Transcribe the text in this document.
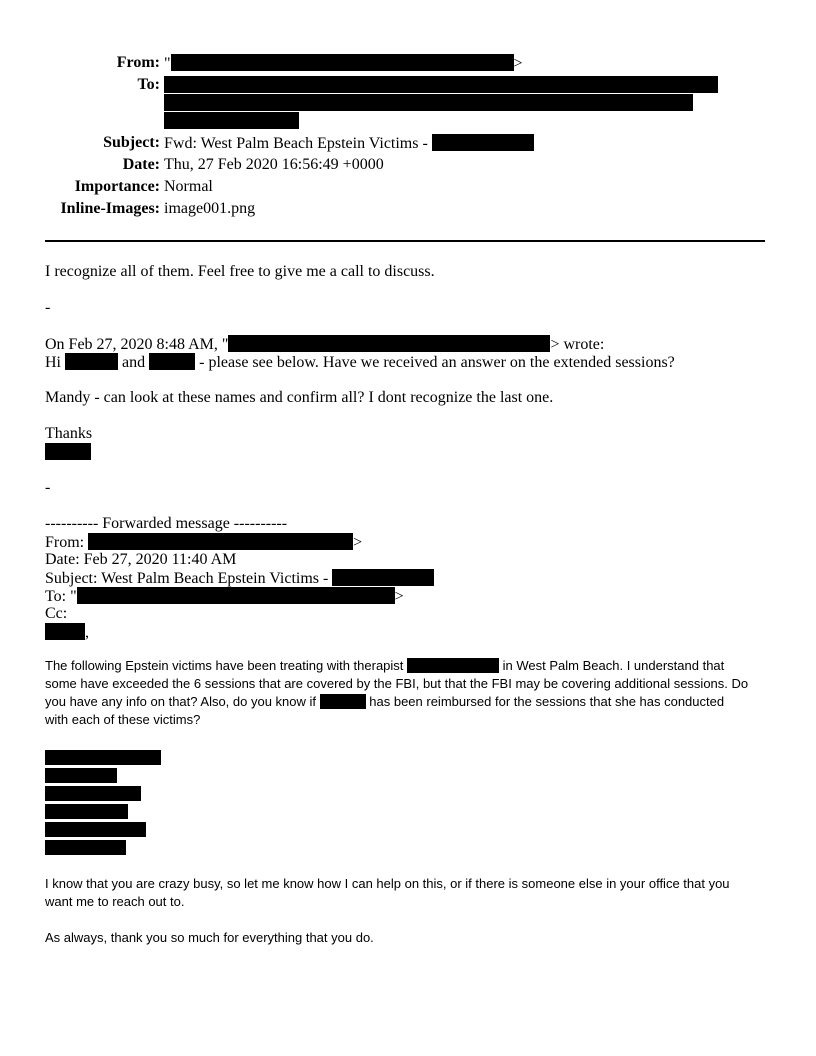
From: "	>
To:
Subject: Fwd: West Palm Beach Epstein Victims -
Date: Thu, 27 Feb 2020 16:56:49 +0000
Importance: Normal
Inline-Images: image001.png
I recognize all of them. Feel free to give me a call to discuss.
-
On Feb 27, 2020 8:48 AM, "	> wrote:
Hi	and	- please see below. Have we received an answer on the extended sessions?
Mandy - can look at these names and confirm all? I dont recognize the last one.
Thanks
-
---------- Forwarded message ----------
From:	>
Date: Feb 27, 2020 11:40 AM
Subject: West Palm Beach Epstein Victims -
To: "	>
Cc:
,
The following Epstein victims have been treating with therapist	in West Palm Beach. I understand that
some have exceeded the 6 sessions that are covered by the FBI, but that the FBI may be covering additional sessions. Do
you have any info on that? Also, do you know if	has been reimbursed for the sessions that she has conducted
with each of these victims?
I know that you are crazy busy, so let me know how I can help on this, or if there is someone else in your office that you
want me to reach out to.
As always, thank you so much for everything that you do.
